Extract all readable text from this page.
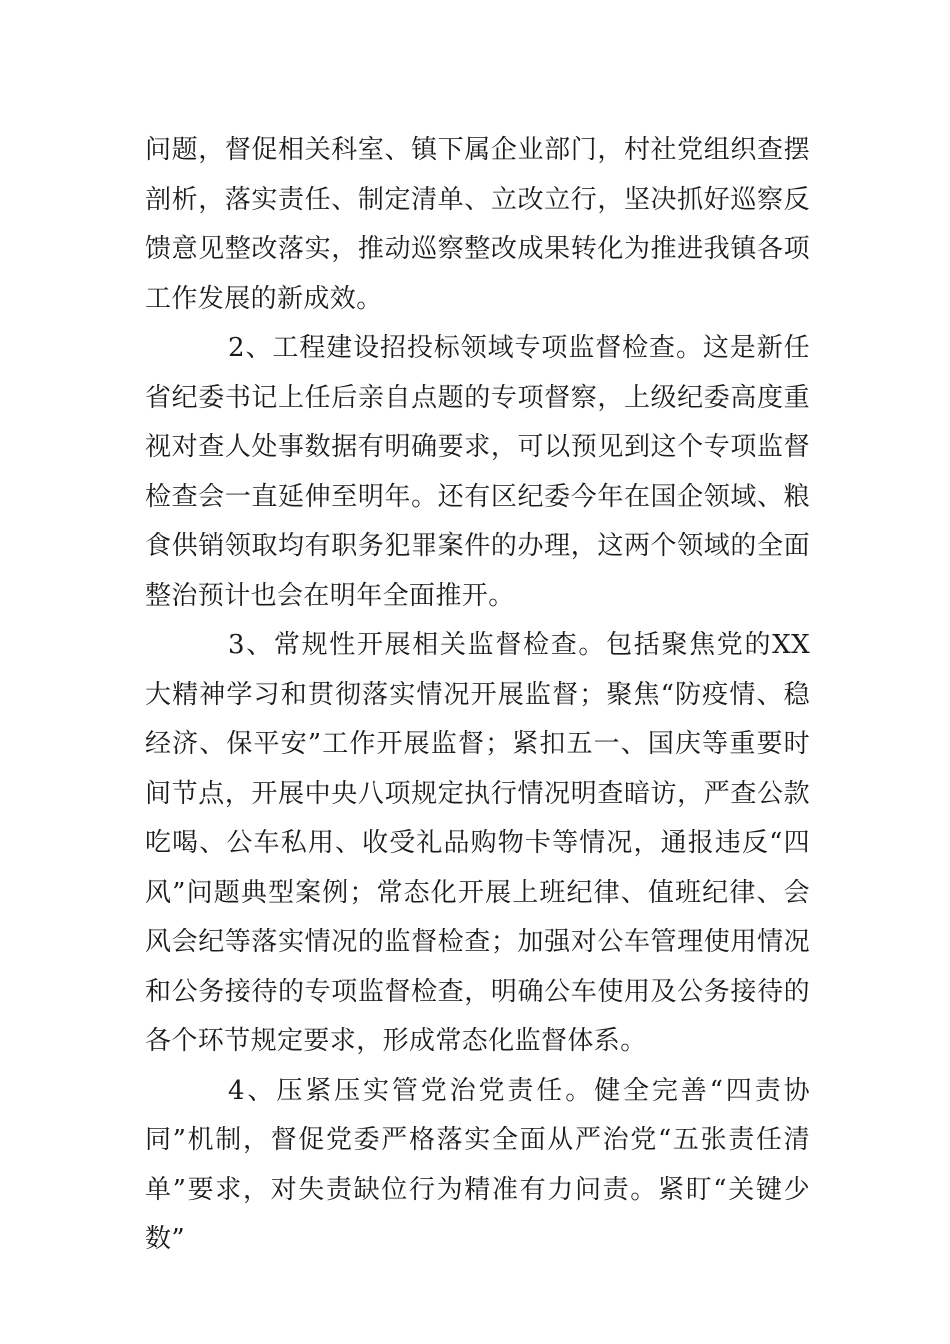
问题，督促相关科室、镇下属企业部门，村社党组织查摆剖析，落实责任、制定清单、立改立行，坚决抓好巡察反馈意见整改落实，推动巡察整改成果转化为推进我镇各项工作发展的新成效。

2、工程建设招投标领域专项监督检查。这是新任省纪委书记上任后亲自点题的专项督察，上级纪委高度重视对查人处事数据有明确要求，可以预见到这个专项监督检查会一直延伸至明年。还有区纪委今年在国企领域、粮食供销领取均有职务犯罪案件的办理，这两个领域的全面整治预计也会在明年全面推开。

3、常规性开展相关监督检查。包括聚焦党的XX大精神学习和贯彻落实情况开展监督；聚焦“防疫情、稳经济、保平安”工作开展监督；紧扣五一、国庆等重要时间节点，开展中央八项规定执行情况明查暗访，严查公款吃喝、公车私用、收受礼品购物卡等情况，通报违反“四风”问题典型案例；常态化开展上班纪律、值班纪律、会风会纪等落实情况的监督检查；加强对公车管理使用情况和公务接待的专项监督检查，明确公车使用及公务接待的各个环节规定要求，形成常态化监督体系。

4、压紧压实管党治党责任。健全完善“四责协同”机制，督促党委严格落实全面从严治党“五张责任清单”要求，对失责缺位行为精准有力问责。紧盯“关键少数”
